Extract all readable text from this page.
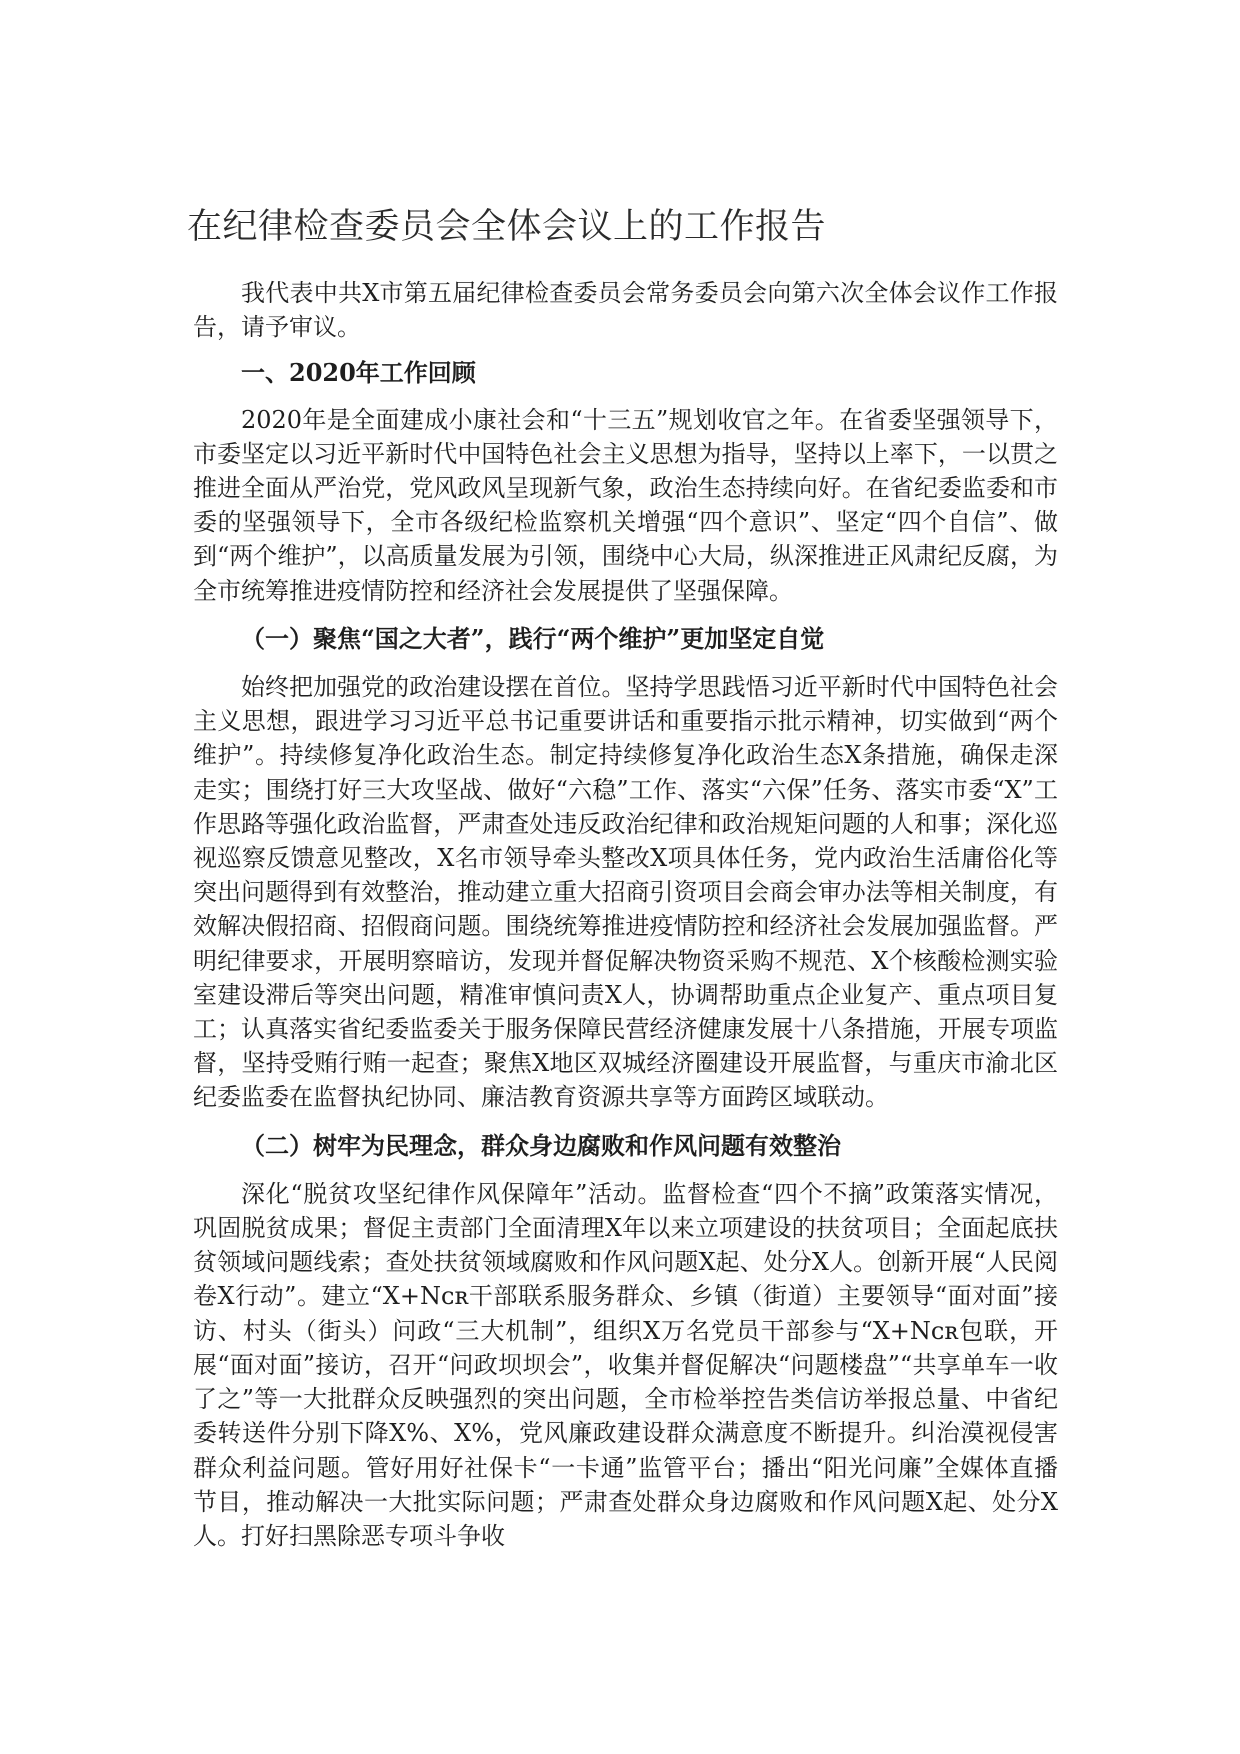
在纪律检查委员会全体会议上的工作报告

我代表中共X市第五届纪律检查委员会常务委员会向第六次全体会议作工作报告，请予审议。

一、2020年工作回顾

2020年是全面建成小康社会和“十三五”规划收官之年。在省委坚强领导下，市委坚定以习近平新时代中国特色社会主义思想为指导，坚持以上率下，一以贯之推进全面从严治党，党风政风呈现新气象，政治生态持续向好。在省纪委监委和市委的坚强领导下，全市各级纪检监察机关增强“四个意识”、坚定“四个自信”、做到“两个维护”，以高质量发展为引领，围绕中心大局，纵深推进正风肃纪反腐，为全市统筹推进疫情防控和经济社会发展提供了坚强保障。

（一）聚焦“国之大者”，践行“两个维护”更加坚定自觉

始终把加强党的政治建设摆在首位。坚持学思践悟习近平新时代中国特色社会主义思想，跟进学习习近平总书记重要讲话和重要指示批示精神，切实做到“两个维护”。持续修复净化政治生态。制定持续修复净化政治生态X条措施，确保走深走实；围绕打好三大攻坚战、做好“六稳”工作、落实“六保”任务、落实市委“X”工作思路等强化政治监督，严肃查处违反政治纪律和政治规矩问题的人和事；深化巡视巡察反馈意见整改，X名市领导牵头整改X项具体任务，党内政治生活庸俗化等突出问题得到有效整治，推动建立重大招商引资项目会商会审办法等相关制度，有效解决假招商、招假商问题。围绕统筹推进疫情防控和经济社会发展加强监督。严明纪律要求，开展明察暗访，发现并督促解决物资采购不规范、X个核酸检测实验室建设滞后等突出问题，精准审慎问责X人，协调帮助重点企业复产、重点项目复工；认真落实省纪委监委关于服务保障民营经济健康发展十八条措施，开展专项监督，坚持受贿行贿一起查；聚焦X地区双城经济圈建设开展监督，与重庆市渝北区纪委监委在监督执纪协同、廉洁教育资源共享等方面跨区域联动。

（二）树牢为民理念，群众身边腐败和作风问题有效整治

深化“脱贫攻坚纪律作风保障年”活动。监督检查“四个不摘”政策落实情况，巩固脱贫成果；督促主责部门全面清理X年以来立项建设的扶贫项目；全面起底扶贫领域问题线索；查处扶贫领域腐败和作风问题X起、处分X人。创新开展“人民阅卷X行动”。建立“X+Nᴄʀ干部联系服务群众、乡镇（街道）主要领导“面对面”接访、村头（街头）问政“三大机制”，组织X万名党员干部参与“X+Nᴄʀ包联，开展“面对面”接访，召开“问政坝坝会”，收集并督促解决“问题楼盘”“共享单车一收了之”等一大批群众反映强烈的突出问题，全市检举控告类信访举报总量、中省纪委转送件分别下降X%、X%，党风廉政建设群众满意度不断提升。纠治漠视侵害群众利益问题。管好用好社保卡“一卡通”监管平台；播出“阳光问廉”全媒体直播节目，推动解决一大批实际问题；严肃查处群众身边腐败和作风问题X起、处分X人。打好扫黑除恶专项斗争收
